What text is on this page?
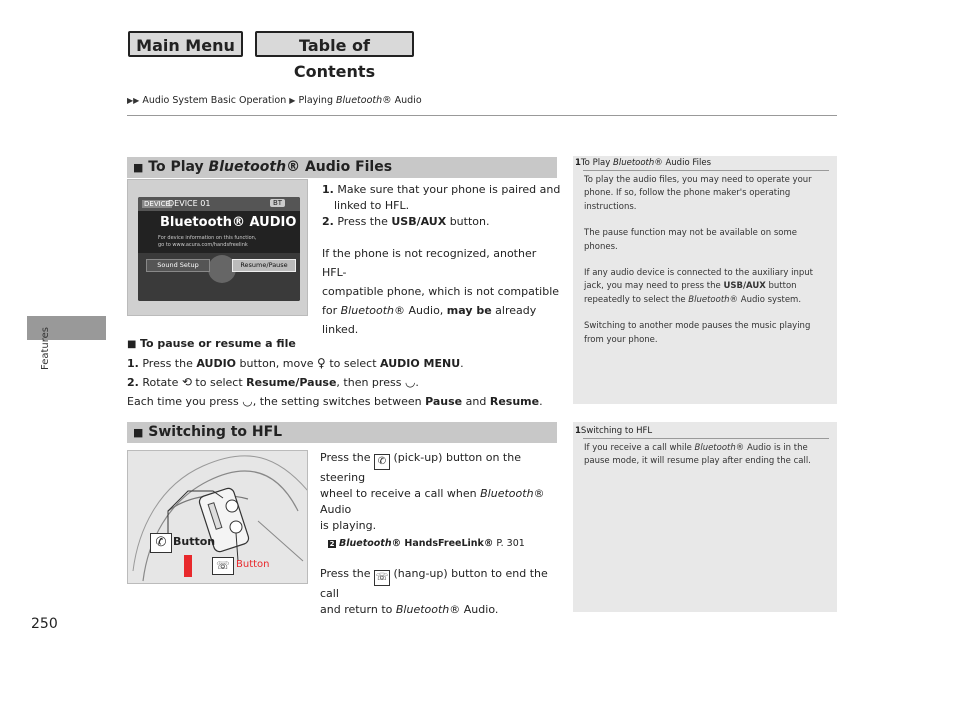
Main Menu	Table of Contents
▶▶ Audio System Basic Operation ▶ Playing Bluetooth® Audio
Features
250
■ To Play Bluetooth® Audio Files
DEVICE
DEVICE 01	BT
Bluetooth® AUDIO
For device information on this function,
go to www.acura.com/handsfreelink
Sound Setup	Resume/Pause

1. Make sure that your phone is paired and

linked to HFL.

2. Press the USB/AUX button.

If the phone is not recognized, another HFL-

compatible phone, which is not compatible

for Bluetooth® Audio, may be already linked.

■ To pause or resume a file

1. Press the AUDIO button, move ♀ to select AUDIO MENU.

2. Rotate ⟲ to select Resume/Pause, then press ◡.

Each time you press ◡, the setting switches between Pause and Resume.

1To Play Bluetooth® Audio Files

To play the audio files, you may need to operate your phone. If so, follow the phone maker's operating instructions.

The pause function may not be available on some phones.

If any audio device is connected to the auxiliary input jack, you may need to press the USB/AUX button repeatedly to select the Bluetooth® Audio system.

Switching to another mode pauses the music playing from your phone.

■ Switching to HFL
✆ Button
☏ Button

Press the ✆ (pick-up) button on the steering

wheel to receive a call when Bluetooth® Audio

is playing.

2 Bluetooth® HandsFreeLink® P. 301

Press the ☏ (hang-up) button to end the call

and return to Bluetooth® Audio.

1Switching to HFL

If you receive a call while Bluetooth® Audio is in the pause mode, it will resume play after ending the call.
